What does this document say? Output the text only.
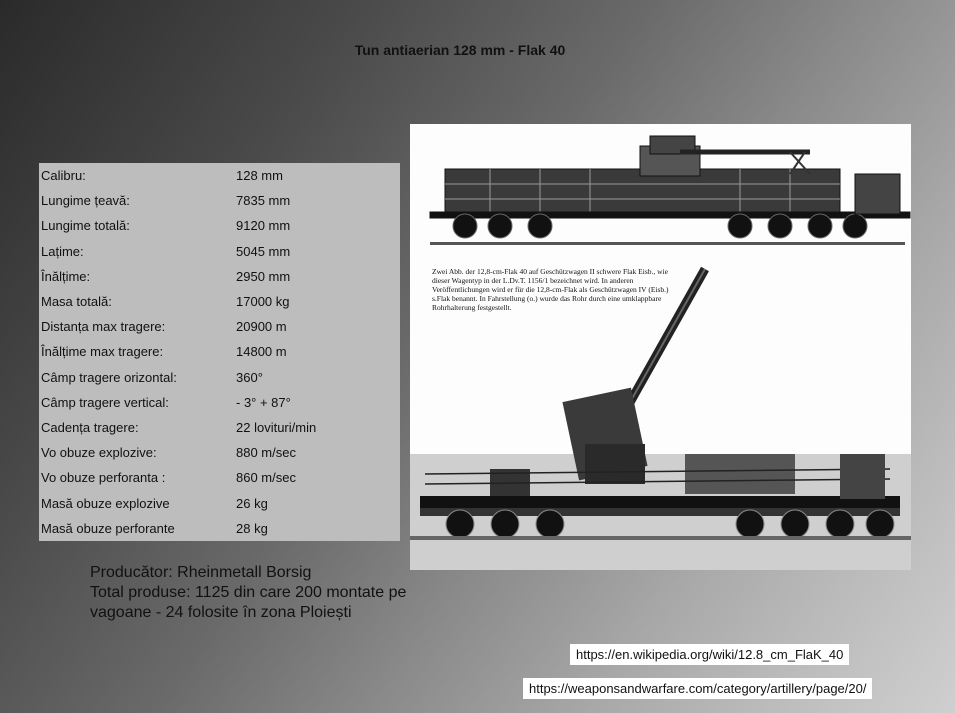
Tun antiaerian 128 mm - Flak 40
Calibru:	128 mm
Lungime țeavă:	7835 mm
Lungime totală:	9120 mm
Lațime:	5045 mm
Înălțime:	2950 mm
Masa totală:	17000 kg
Distanța max tragere:	20900 m
Înălțime max tragere:	14800 m
Câmp tragere orizontal:	360°
Câmp tragere vertical:	- 3° + 87°
Cadența tragere:	22 lovituri/min
Vo obuze explozive:	880 m/sec
Vo obuze perforanta :	860 m/sec
Masă obuze explozive	26 kg
Masă obuze perforante	28 kg
Zwei Abb. der 12,8-cm-Flak 40 auf Geschützwagen II schwere Flak Eisb., wie dieser Wagentyp in der L.Dv.T. 1156/1 bezeichnet wird. In anderen Veröffentlichungen wird er für die 12,8-cm-Flak als Geschützwagen IV (Eisb.) s.Flak benannt. In Fahrstellung (o.) wurde das Rohr durch eine umklappbare Rohrhalterung festgestellt.
Producător: Rheinmetall Borsig
Total produse: 1125 din care 200 montate pe vagoane - 24 folosite în zona Ploiești
https://en.wikipedia.org/wiki/12.8_cm_FlaK_40
https://weaponsandwarfare.com/category/artillery/page/20/
